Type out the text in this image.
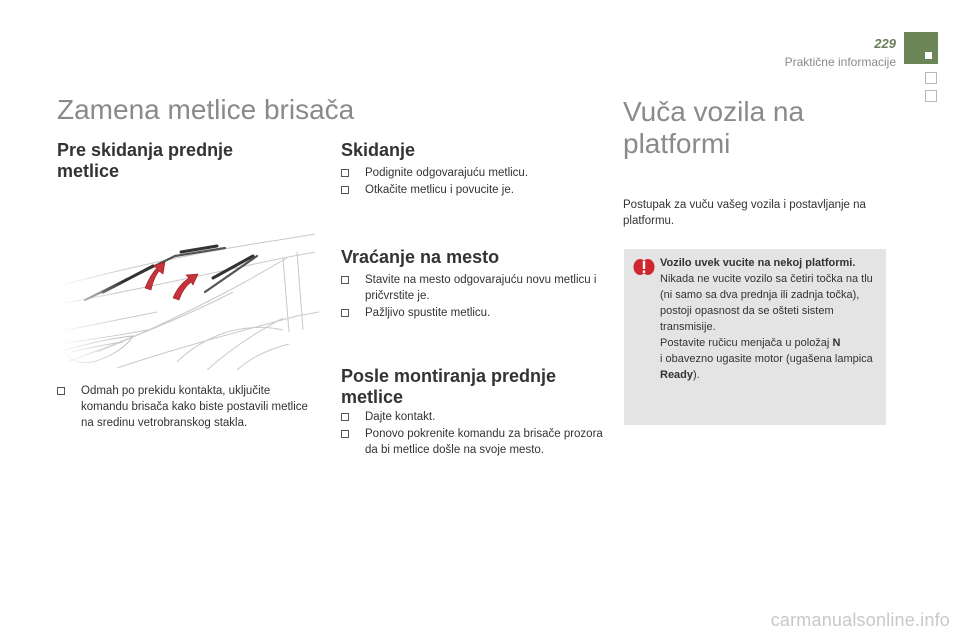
229
Praktične informacije
Zamena metlice brisača
Pre skidanja prednje metlice
Odmah po prekidu kontakta, uključite komandu brisača kako biste postavili metlice na sredinu vetrobranskog stakla.
Skidanje
Podignite odgovarajuću metlicu.
Otkačite metlicu i povucite je.
Vraćanje na mesto
Stavite na mesto odgovarajuću novu metlicu i pričvrstite je.
Pažljivo spustite metlicu.
Posle montiranja prednje metlice
Dajte kontakt.
Ponovo pokrenite komandu za brisače prozora da bi metlice došle na svoje mesto.
Vuča vozila na
platformi
Postupak za vuču vašeg vozila i postavljanje na platformu.
Vozilo uvek vucite na nekoj platformi.
Nikada ne vucite vozilo sa četiri točka na tlu (ni samo sa dva prednja ili zadnja točka), postoji opasnost da se ošteti sistem transmisije.
Postavite ručicu menjača u položaj N
i obavezno ugasite motor (ugašena lampica Ready).
carmanualsonline.info
